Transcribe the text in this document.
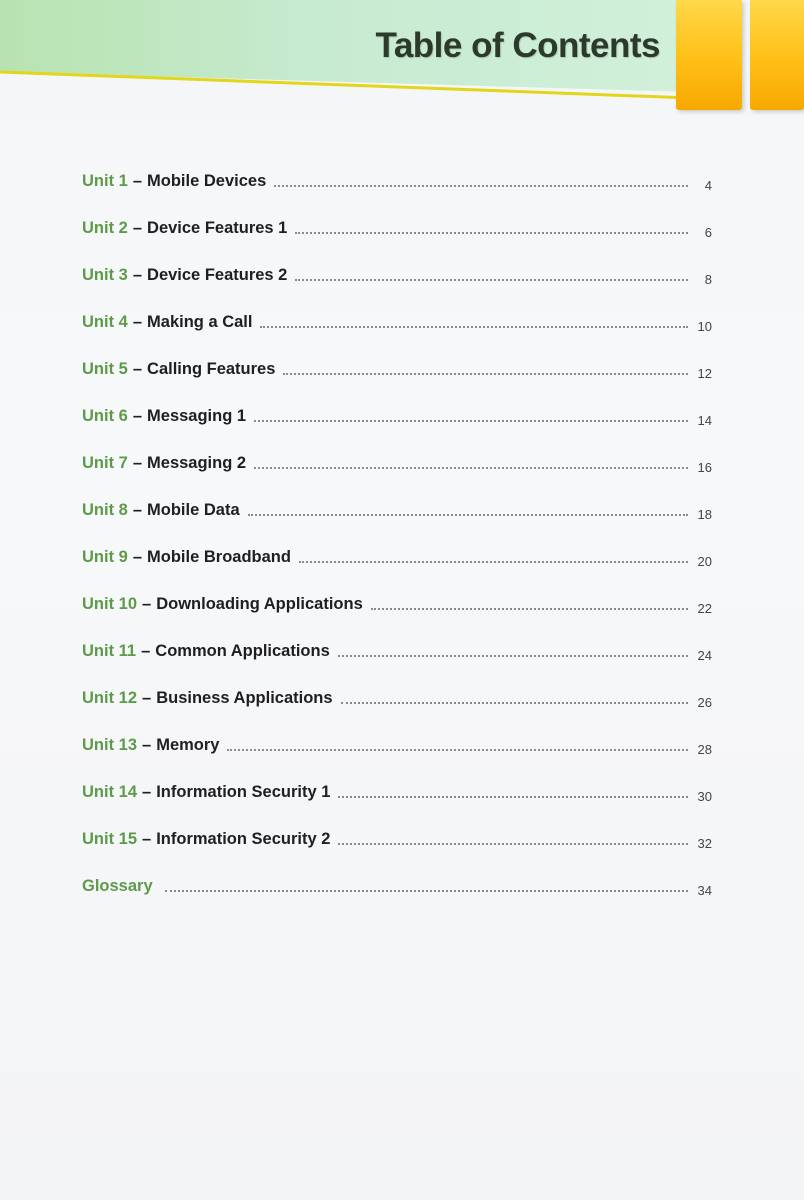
Table of Contents
Unit 1 – Mobile Devices	4
Unit 2 – Device Features 1	6
Unit 3 – Device Features 2	8
Unit 4 – Making a Call	10
Unit 5 – Calling Features	12
Unit 6 – Messaging 1	14
Unit 7 – Messaging 2	16
Unit 8 – Mobile Data	18
Unit 9 – Mobile Broadband	20
Unit 10 – Downloading Applications	22
Unit 11 – Common Applications	24
Unit 12 – Business Applications	26
Unit 13 – Memory	28
Unit 14 – Information Security 1	30
Unit 15 – Information Security 2	32
Glossary	34
